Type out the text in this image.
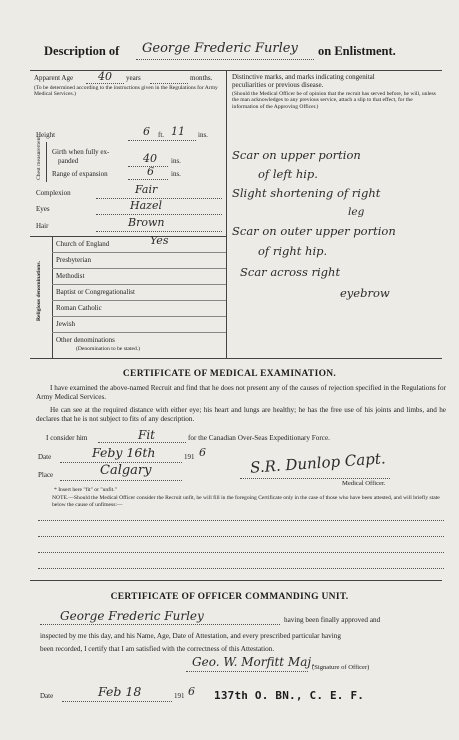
Description of George Frederic Furley on Enlistment.
Apparent Age 40 years	months.
(To be determined according to the instructions given in the Regulations for Army Medical Services.)
Distinctive marks, and marks indicating congenital
peculiarities or previous disease.
(Should the Medical Officer be of opinion that the recruit has served before, he will, unless the man acknowledges to any previous service, attach a slip to that effect, for the information of the Approving Officer.)
Height	6 ft. 11 ins.
Chest measurement Girth when fully ex-
panded	40 ins.
Range of expansion	6 ins.
Complexion	Fair
Eyes	Hazel
Hair	Brown
Religious denominations.
Church of England	Yes
Presbyterian
Methodist
Baptist or Congregationalist
Roman Catholic
Jewish
Other denominations
(Denomination to be stated.)
Scar on upper portion
of left hip.
Slight shortening of right
leg
Scar on outer upper portion
of right hip.
Scar across right
eyebrow
CERTIFICATE OF MEDICAL EXAMINATION.
I have examined the above-named Recruit and find that he does not present any of the causes of rejection specified in the Regulations for Army Medical Services.
He can see at the required distance with either eye; his heart and lungs are healthy; he has the free use of his joints and limbs, and he declares that he is not subject to fits of any description.
I consider him	Fit	for the Canadian Over-Seas Expeditionary Force.
Date	Feby 16th	191 6
Place	Calgary	S.R. Dunlop Capt.
Medical Officer.
* Insert here "fit" or "unfit."
NOTE.—Should the Medical Officer consider the Recruit unfit, he will fill in the foregoing Certificate only in the case of those who have been attested, and will briefly state below the cause of unfitness:—
CERTIFICATE OF OFFICER COMMANDING UNIT.
George Frederic Furley	having been finally approved and
inspected by me this day, and his Name, Age, Date of Attestation, and every prescribed particular having
been recorded, I certify that I am satisfied with the correctness of this Attestation.
Geo. W. Morfitt Maj.
(Signature of Officer)
Date	Feb 18	191 6 137th O. BN., C. E. F.
